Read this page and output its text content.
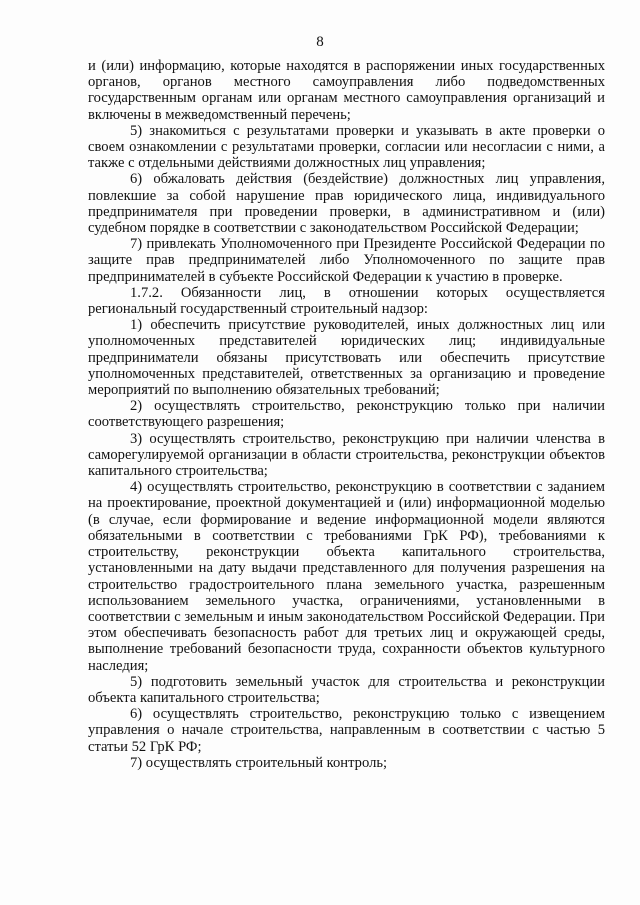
8

и (или) информацию, которые находятся в распоряжении иных государственных органов, органов местного самоуправления либо подведомственных государственным органам или органам местного самоуправления организаций и включены в межведомственный перечень;

5) знакомиться с результатами проверки и указывать в акте проверки о своем ознакомлении с результатами проверки, согласии или несогласии с ними, а также с отдельными действиями должностных лиц управления;

6) обжаловать действия (бездействие) должностных лиц управления, повлекшие за собой нарушение прав юридического лица, индивидуального предпринимателя при проведении проверки, в административном и (или) судебном порядке в соответствии с законодательством Российской Федерации;

7) привлекать Уполномоченного при Президенте Российской Федерации по защите прав предпринимателей либо Уполномоченного по защите прав предпринимателей в субъекте Российской Федерации к участию в проверке.

1.7.2. Обязанности лиц, в отношении которых осуществляется региональный государственный строительный надзор:

1) обеспечить присутствие руководителей, иных должностных лиц или уполномоченных представителей юридических лиц; индивидуальные предприниматели обязаны присутствовать или обеспечить присутствие уполномоченных представителей, ответственных за организацию и проведение мероприятий по выполнению обязательных требований;

2) осуществлять строительство, реконструкцию только при наличии соответствующего разрешения;

3) осуществлять строительство, реконструкцию при наличии членства в саморегулируемой организации в области строительства, реконструкции объектов капитального строительства;

4) осуществлять строительство, реконструкцию в соответствии с заданием на проектирование, проектной документацией и (или) информационной моделью (в случае, если формирование и ведение информационной модели являются обязательными в соответствии с требованиями ГрК РФ), требованиями к строительству, реконструкции объекта капитального строительства, установленными на дату выдачи представленного для получения разрешения на строительство градостроительного плана земельного участка, разрешенным использованием земельного участка, ограничениями, установленными в соответствии с земельным и иным законодательством Российской Федерации. При этом обеспечивать безопасность работ для третьих лиц и окружающей среды, выполнение требований безопасности труда, сохранности объектов культурного наследия;

5) подготовить земельный участок для строительства и реконструкции объекта капитального строительства;

6) осуществлять строительство, реконструкцию только с извещением управления о начале строительства, направленным в соответствии с частью 5 статьи 52 ГрК РФ;

7) осуществлять строительный контроль;
